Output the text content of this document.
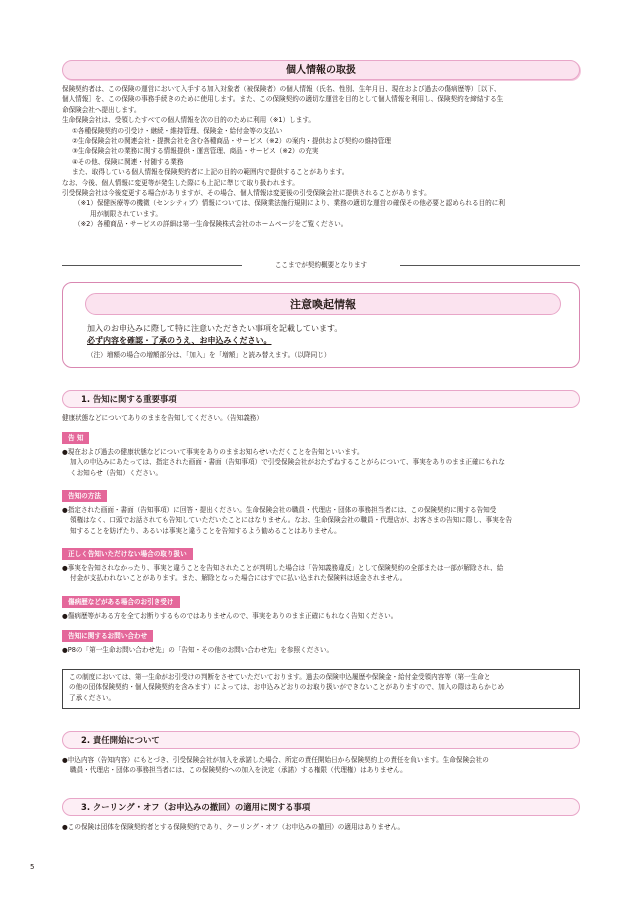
個人情報の取扱
保険契約者は、この保険の運営において入手する加入対象者（被保険者）の個人情報（氏名、性別、生年月日、現在および過去の傷病歴等）［以下、
個人情報］を、この保険の事務手続きのために使用します。また、この保険契約の適切な運営を目的として個人情報を利用し、保険契約を締結する生
命保険会社へ提出します。
生命保険会社は、受領したすべての個人情報を次の目的のために利用（※1）します。
①各種保険契約の引受け・継続・維持管理、保険金・給付金等の支払い
②生命保険会社の関連会社・提携会社を含む各種商品・サービス（※2）の案内・提供および契約の維持管理
③生命保険会社の業務に関する情報提供・運営管理、商品・サービス（※2）の充実
④その他、保険に関連・付随する業務
また、取得している個人情報を保険契約者に上記の目的の範囲内で提供することがあります。
なお、今後、個人情報に変更等が発生した際にも上記に準じて取り扱われます。
引受保険会社は今後変更する場合がありますが、その場合、個人情報は変更後の引受保険会社に提供されることがあります。
（※1）保健医療等の機微（センシティブ）情報については、保険業法施行規則により、業務の適切な運営の確保その他必要と認められる目的に利
用が制限されています。
（※2）各種商品・サービスの詳細は第一生命保険株式会社のホームページをご覧ください。
ここまでが契約概要となります
注意喚起情報
加入のお申込みに際して特に注意いただきたい事項を記載しています。
必ず内容を確認・了承のうえ、お申込みください。
（注）増額の場合の増額部分は、「加入」を「増額」と読み替えます。（以降同じ）
1. 告知に関する重要事項
健康状態などについてありのままを告知してください。（告知義務）
告 知
●現在および過去の健康状態などについて事実をありのままお知らせいただくことを告知といいます。
加入の申込みにあたっては、指定された画面・書面（告知事項）で引受保険会社がおたずねすることがらについて、事実をありのまま正確にもれな
くお知らせ（告知）ください。
告知の方法
●指定された画面・書面（告知事項）に回答・提出ください。生命保険会社の職員・代理店・団体の事務担当者には、この保険契約に関する告知受
領権はなく、口頭でお話されても告知していただいたことにはなりません。なお、生命保険会社の職員・代理店が、お客さまの告知に際し、事実を告
知することを妨げたり、あるいは事実と違うことを告知するよう勧めることはありません。
正しく告知いただけない場合の取り扱い
●事実を告知されなかったり、事実と違うことを告知されたことが判明した場合は「告知義務違反」として保険契約の全部または一部が解除され、給
付金が支払われないことがあります。また、解除となった場合にはすでに払い込まれた保険料は返金されません。
傷病歴などがある場合のお引き受け
●傷病歴等がある方を全てお断りするものではありませんので、事実をありのまま正確にもれなく告知ください。
告知に関するお問い合わせ
●P8の「第一生命お問い合わせ先」の「告知・その他のお問い合わせ先」を参照ください。
この制度においては、第一生命がお引受けの判断をさせていただいております。過去の保険申込履歴や保険金・給付金受領内容等（第一生命と
の他の団体保険契約・個人保険契約を含みます）によっては、お申込みどおりのお取り扱いができないことがありますので、加入の際はあらかじめ
了承ください。
2. 責任開始について
●申込内容（告知内容）にもとづき、引受保険会社が加入を承諾した場合、所定の責任開始日から保険契約上の責任を負います。生命保険会社の
職員・代理店・団体の事務担当者には、この保険契約への加入を決定（承諾）する権限（代理権）はありません。
3. クーリング・オフ（お申込みの撤回）の適用に関する事項
●この保険は団体を保険契約者とする保険契約であり、クーリング・オフ（お申込みの撤回）の適用はありません。
5
